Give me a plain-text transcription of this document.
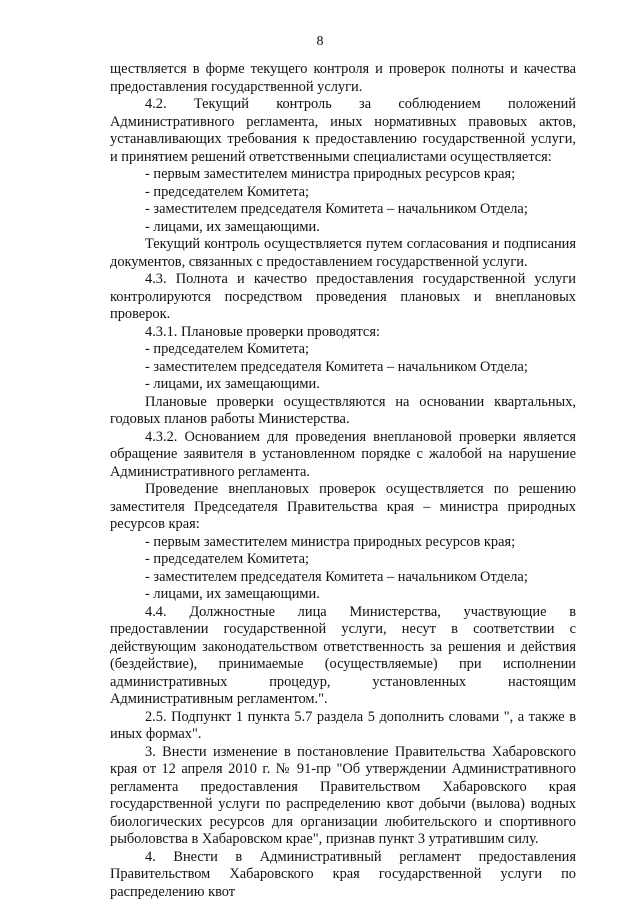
8

ществляется в форме текущего контроля и проверок полноты и качества предоставления государственной услуги.

4.2. Текущий контроль за соблюдением положений Административного регламента, иных нормативных правовых актов, устанавливающих требования к предоставлению государственной услуги, и принятием решений ответственными специалистами осуществляется:

- первым заместителем министра природных ресурсов края;

- председателем Комитета;

- заместителем председателя Комитета – начальником Отдела;

- лицами, их замещающими.

Текущий контроль осуществляется путем согласования и подписания документов, связанных с предоставлением государственной услуги.

4.3. Полнота и качество предоставления государственной услуги контролируются посредством проведения плановых и внеплановых проверок.

4.3.1. Плановые проверки проводятся:

- председателем Комитета;

- заместителем председателя Комитета – начальником Отдела;

- лицами, их замещающими.

Плановые проверки осуществляются на основании квартальных, годовых планов работы Министерства.

4.3.2. Основанием для проведения внеплановой проверки является обращение заявителя в установленном порядке с жалобой на нарушение Административного регламента.

Проведение внеплановых проверок осуществляется по решению заместителя Председателя Правительства края – министра природных ресурсов края:

- первым заместителем министра природных ресурсов края;

- председателем Комитета;

- заместителем председателя Комитета – начальником Отдела;

- лицами, их замещающими.

4.4. Должностные лица Министерства, участвующие в предоставлении государственной услуги, несут в соответствии с действующим законодательством ответственность за решения и действия (бездействие), принимаемые (осуществляемые) при исполнении административных процедур, установленных настоящим Административным регламентом.".

2.5. Подпункт 1 пункта 5.7 раздела 5 дополнить словами ", а также в иных формах".

3. Внести изменение в постановление Правительства Хабаровского края от 12 апреля 2010 г. № 91-пр "Об утверждении Административного регламента предоставления Правительством Хабаровского края государственной услуги по распределению квот добычи (вылова) водных биологических ресурсов для организации любительского и спортивного рыболовства в Хабаровском крае", признав пункт 3 утратившим силу.

4. Внести в Административный регламент предоставления Правительством Хабаровского края государственной услуги по распределению квот
